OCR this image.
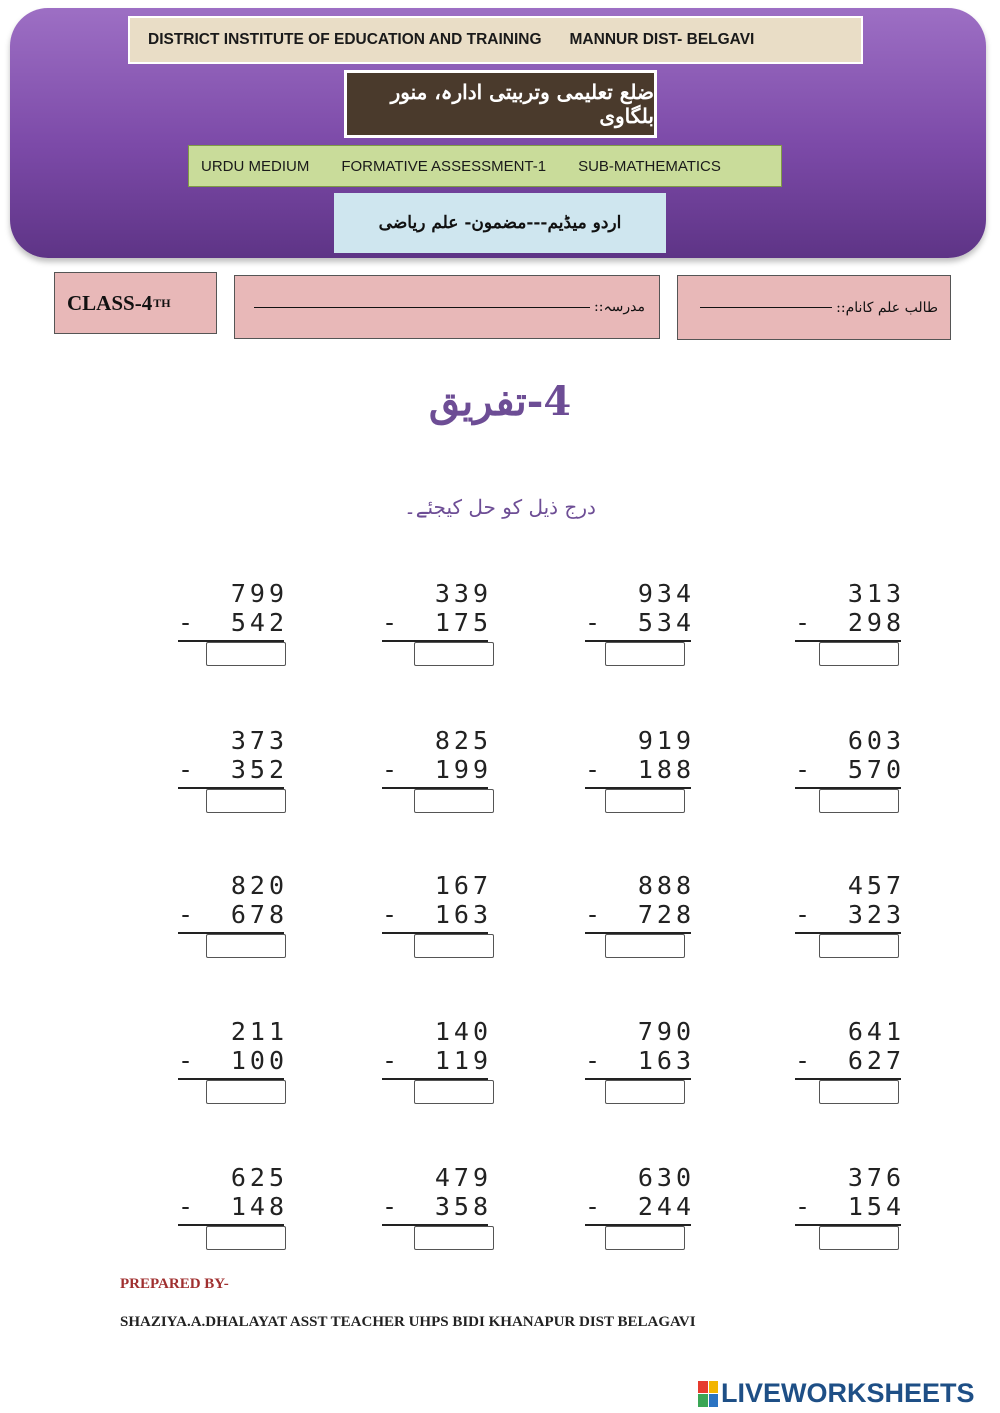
DISTRICT INSTITUTE OF EDUCATION AND TRAINING MANNUR DIST- BELGAVI
ضلع تعلیمی وتربیتی ادارہ، منور بلگاوی
URDU MEDIUM FORMATIVE ASSESSMENT-1 SUB-MATHEMATICS
اردو میڈیم---مضمون- علم ریاضی
CLASS-4 TH	مدرسہ::	طالب علم کانام::
4-تفریق
درج ذیل کو حل کیجئے۔
799
- 542
339
- 175
934
- 534
313
- 298
373
- 352
825
- 199
919
- 188
603
- 570
820
- 678
167
- 163
888
- 728
457
- 323
211
- 100
140
- 119
790
- 163
641
- 627
625
- 148
479
- 358
630
- 244
376
- 154
PREPARED BY-
SHAZIYA.A.DHALAYAT ASST TEACHER UHPS BIDI KHANAPUR DIST BELAGAVI
LIVEWORKSHEETS
